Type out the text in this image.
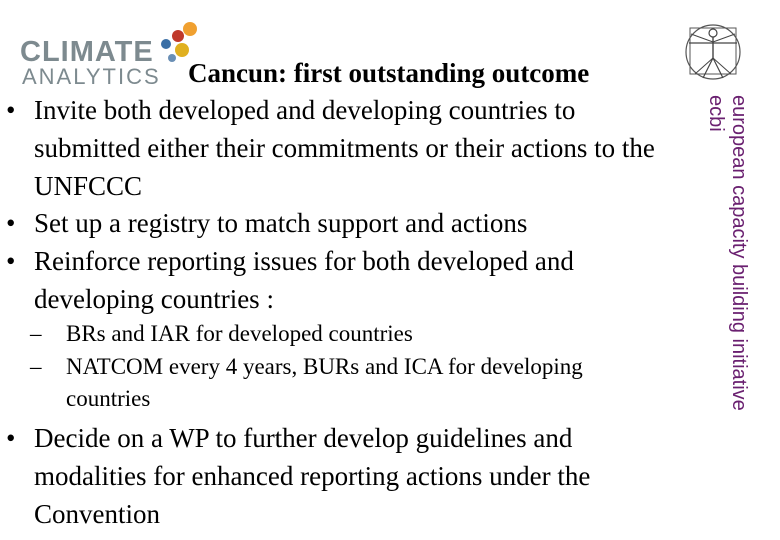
CLIMATE
ANALYTICS Cancun: first outstanding outcome
european capacity building initiative
ecbi
• Invite both developed and developing countries to
submitted either their commitments or their actions to the
UNFCCC
• Set up a registry to match support and actions
• Reinforce reporting issues for both developed and
developing countries :
– BRs and IAR for developed countries
– NATCOM every 4 years, BURs and ICA for developing
countries
• Decide on a WP to further develop guidelines and
modalities for enhanced reporting actions under the
Convention
